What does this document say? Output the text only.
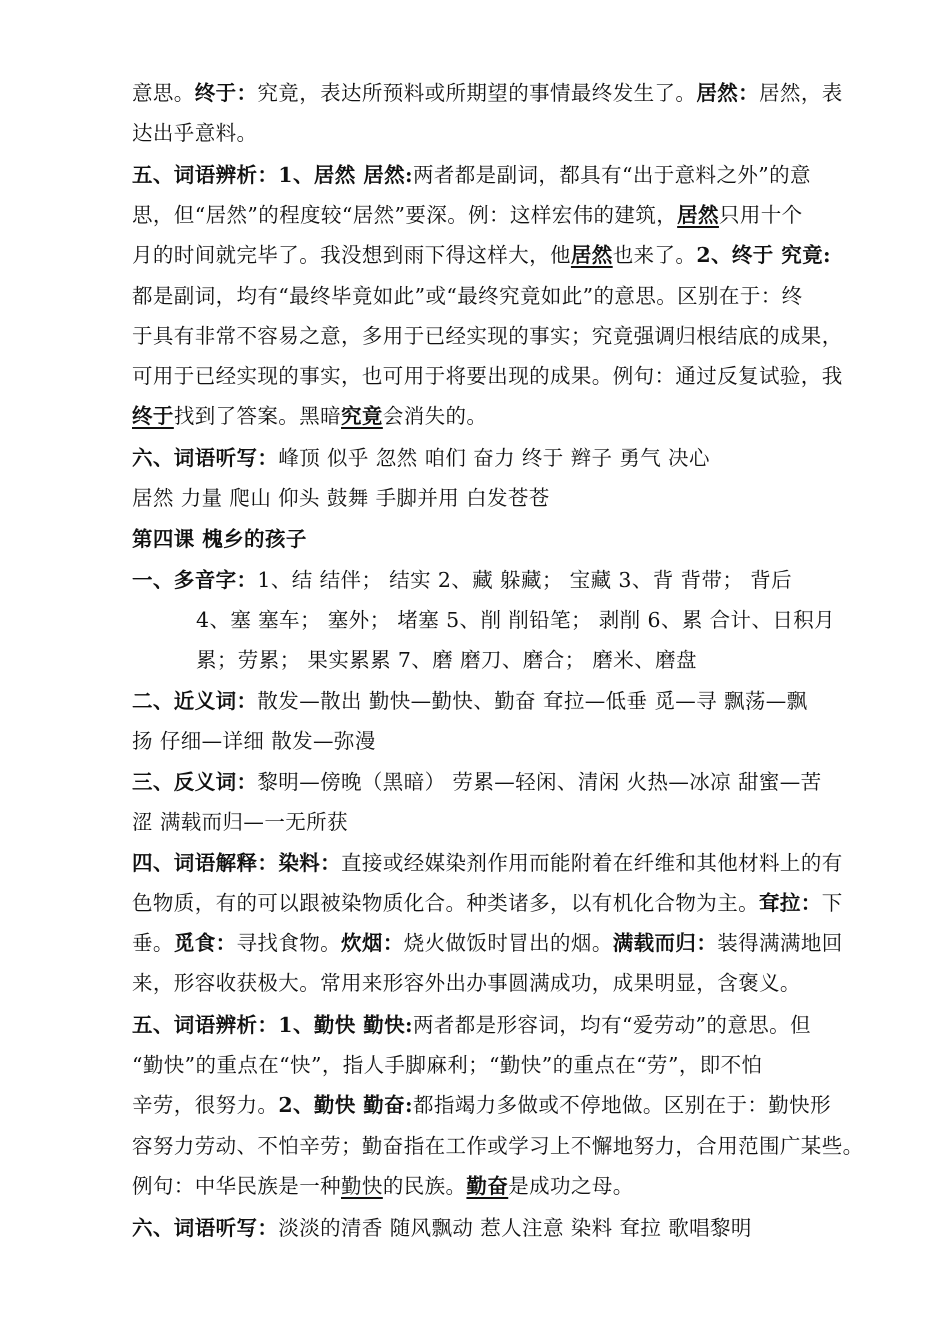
意思。终于：究竟，表达所预料或所期望的事情最终发生了。居然：居然，表
达出乎意料。
五、词语辨析：1、居然 居然:两者都是副词，都具有“出于意料之外”的意
思，但“居然”的程度较“居然”要深。例：这样宏伟的建筑，居然只用十个
月的时间就完毕了。我没想到雨下得这样大，他居然也来了。2、终于 究竟:
都是副词，均有“最终毕竟如此”或“最终究竟如此”的意思。区别在于：终
于具有非常不容易之意，多用于已经实现的事实；究竟强调归根结底的成果，
可用于已经实现的事实，也可用于将要出现的成果。例句：通过反复试验，我
终于找到了答案。黑暗究竟会消失的。
六、词语听写：峰顶 似乎 忽然 咱们 奋力 终于 辫子 勇气 决心
居然 力量 爬山 仰头 鼓舞 手脚并用 白发苍苍
第四课 槐乡的孩子
一、多音字：1、结 结伴； 结实 2、藏 躲藏； 宝藏 3、背 背带； 背后
4、塞 塞车； 塞外； 堵塞 5、削 削铅笔； 剥削 6、累 合计、日积月
累；劳累； 果实累累 7、磨 磨刀、磨合； 磨米、磨盘
二、近义词：散发—散出 勤快—勤快、勤奋 耷拉—低垂 觅—寻 飘荡—飘
扬 仔细—详细 散发—弥漫
三、反义词：黎明—傍晚（黑暗） 劳累—轻闲、清闲 火热—冰凉 甜蜜—苦
涩 满载而归—一无所获
四、词语解释：染料：直接或经媒染剂作用而能附着在纤维和其他材料上的有
色物质，有的可以跟被染物质化合。种类诸多，以有机化合物为主。耷拉：下
垂。觅食：寻找食物。炊烟：烧火做饭时冒出的烟。满载而归：装得满满地回
来，形容收获极大。常用来形容外出办事圆满成功，成果明显，含褒义。
五、词语辨析：1、勤快 勤快:两者都是形容词，均有“爱劳动”的意思。但
“勤快”的重点在“快”，指人手脚麻利；“勤快”的重点在“劳”，即不怕
辛劳，很努力。2、勤快 勤奋:都指竭力多做或不停地做。区别在于：勤快形
容努力劳动、不怕辛劳；勤奋指在工作或学习上不懈地努力，合用范围广某些。
例句：中华民族是一种勤快的民族。勤奋是成功之母。
六、词语听写：淡淡的清香 随风飘动 惹人注意 染料 耷拉 歌唱黎明
